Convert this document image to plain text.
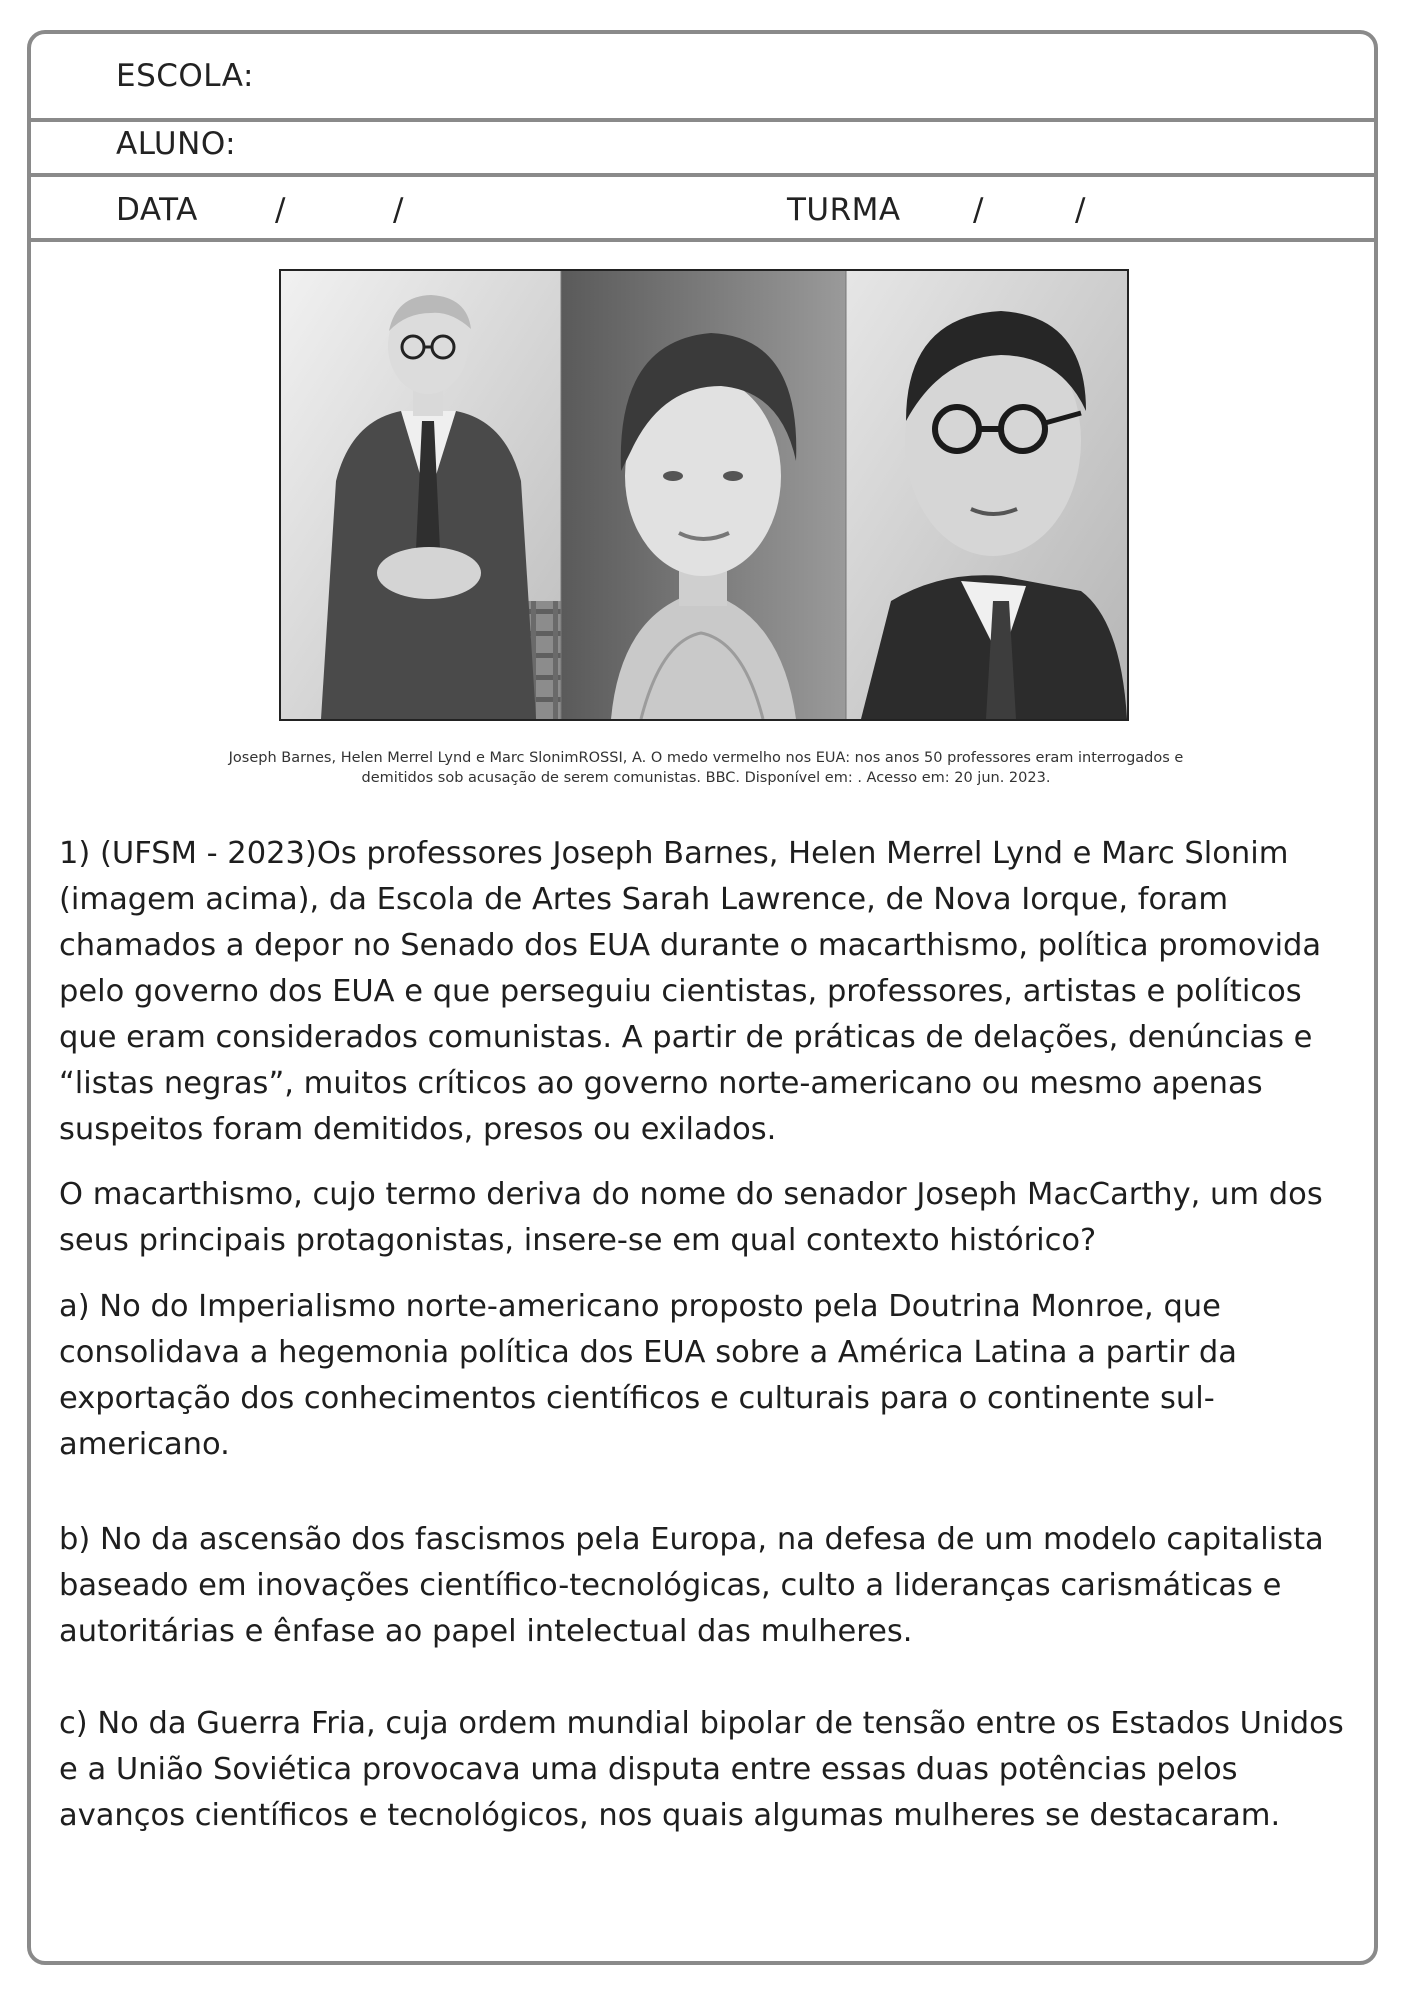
ESCOLA:
ALUNO:
DATA /	/	TURMA /	/
Joseph Barnes, Helen Merrel Lynd e Marc SlonimROSSI, A. O medo vermelho nos EUA: nos anos 50 professores eram interrogados e demitidos sob acusação de serem comunistas. BBC. Disponível em: . Acesso em: 20 jun. 2023.

1) (UFSM - 2023)Os professores Joseph Barnes, Helen Merrel Lynd e Marc Slonim (imagem acima), da Escola de Artes Sarah Lawrence, de Nova Iorque, foram chamados a depor no Senado dos EUA durante o macarthismo, política promovida pelo governo dos EUA e que perseguiu cientistas, professores, artistas e políticos que eram considerados comunistas. A partir de práticas de delações, denúncias e “listas negras”, muitos críticos ao governo norte-americano ou mesmo apenas suspeitos foram demitidos, presos ou exilados.

O macarthismo, cujo termo deriva do nome do senador Joseph MacCarthy, um dos seus principais protagonistas, insere-se em qual contexto histórico?

a) No do Imperialismo norte-americano proposto pela Doutrina Monroe, que consolidava a hegemonia política dos EUA sobre a América Latina a partir da exportação dos conhecimentos científicos e culturais para o continente sul-americano.

b) No da ascensão dos fascismos pela Europa, na defesa de um modelo capitalista baseado em inovações científico-tecnológicas, culto a lideranças carismáticas e autoritárias e ênfase ao papel intelectual das mulheres.

c) No da Guerra Fria, cuja ordem mundial bipolar de tensão entre os Estados Unidos e a União Soviética provocava uma disputa entre essas duas potências pelos avanços científicos e tecnológicos, nos quais algumas mulheres se destacaram.
